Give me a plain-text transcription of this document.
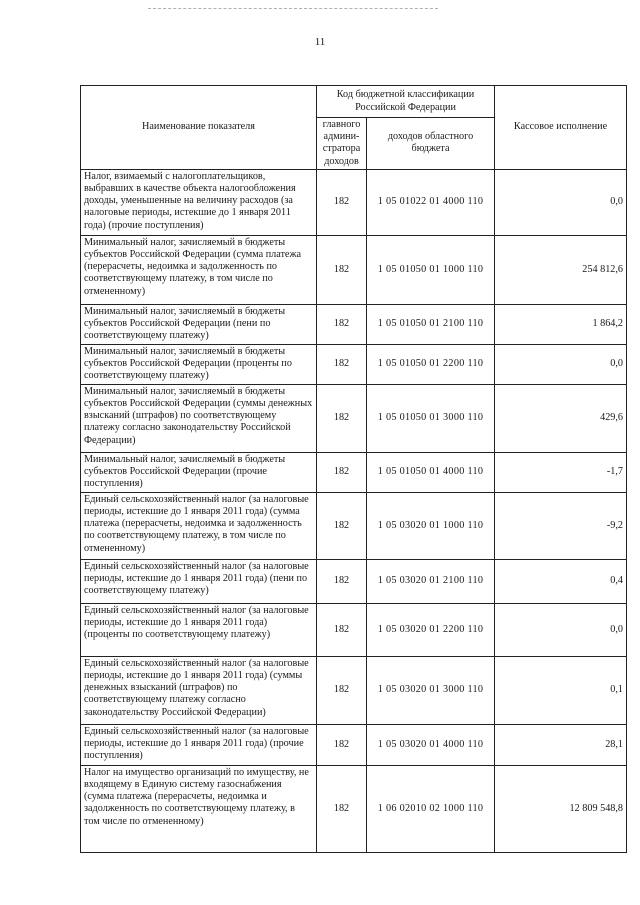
11
Наименование показателя	Код бюджетной классификации Российской Федерации		Кассовое исполнение
	главного админи-стратора доходов	доходов областного бюджета	
Налог, взимаемый с налогоплательщиков, выбравших в качестве объекта налогообложения доходы, уменьшенные на величину расходов (за налоговые периоды, истекшие до 1 января 2011 года) (прочие поступления)	182	1 05 01022 01 4000 110	0,0
Минимальный налог, зачисляемый в бюджеты субъектов Российской Федерации (сумма платежа (перерасчеты, недоимка и задолженность по соответствующему платежу, в том числе по отмененному)	182	1 05 01050 01 1000 110	254 812,6
Минимальный налог, зачисляемый в бюджеты субъектов Российской Федерации (пени по соответствующему платежу)	182	1 05 01050 01 2100 110	1 864,2
Минимальный налог, зачисляемый в бюджеты субъектов Российской Федерации (проценты по соответствующему платежу)	182	1 05 01050 01 2200 110	0,0
Минимальный налог, зачисляемый в бюджеты субъектов Российской Федерации (суммы денежных взысканий (штрафов) по соответствующему платежу согласно законодательству Российской Федерации)	182	1 05 01050 01 3000 110	429,6
Минимальный налог, зачисляемый в бюджеты субъектов Российской Федерации (прочие поступления)	182	1 05 01050 01 4000 110	-1,7
Единый сельскохозяйственный налог (за налоговые периоды, истекшие до 1 января 2011 года) (сумма платежа (перерасчеты, недоимка и задолженность по соответствующему платежу, в том числе по отмененному)	182	1 05 03020 01 1000 110	-9,2
Единый сельскохозяйственный налог (за налоговые периоды, истекшие до 1 января 2011 года) (пени по соответствующему платежу)	182	1 05 03020 01 2100 110	0,4
Единый сельскохозяйственный налог (за налоговые периоды, истекшие до 1 января 2011 года) (проценты по соответствующему платежу)	182	1 05 03020 01 2200 110	0,0
Единый сельскохозяйственный налог (за налоговые периоды, истекшие до 1 января 2011 года) (суммы денежных взысканий (штрафов) по соответствующему платежу согласно законодательству Российской Федерации)	182	1 05 03020 01 3000 110	0,1
Единый сельскохозяйственный налог (за налоговые периоды, истекшие до 1 января 2011 года) (прочие поступления)	182	1 05 03020 01 4000 110	28,1
Налог на имущество организаций по имуществу, не входящему в Единую систему газоснабжения (сумма платежа (перерасчеты, недоимка и задолженность по соответствующему платежу, в том числе по отмененному)	182	1 06 02010 02 1000 110	12 809 548,8
